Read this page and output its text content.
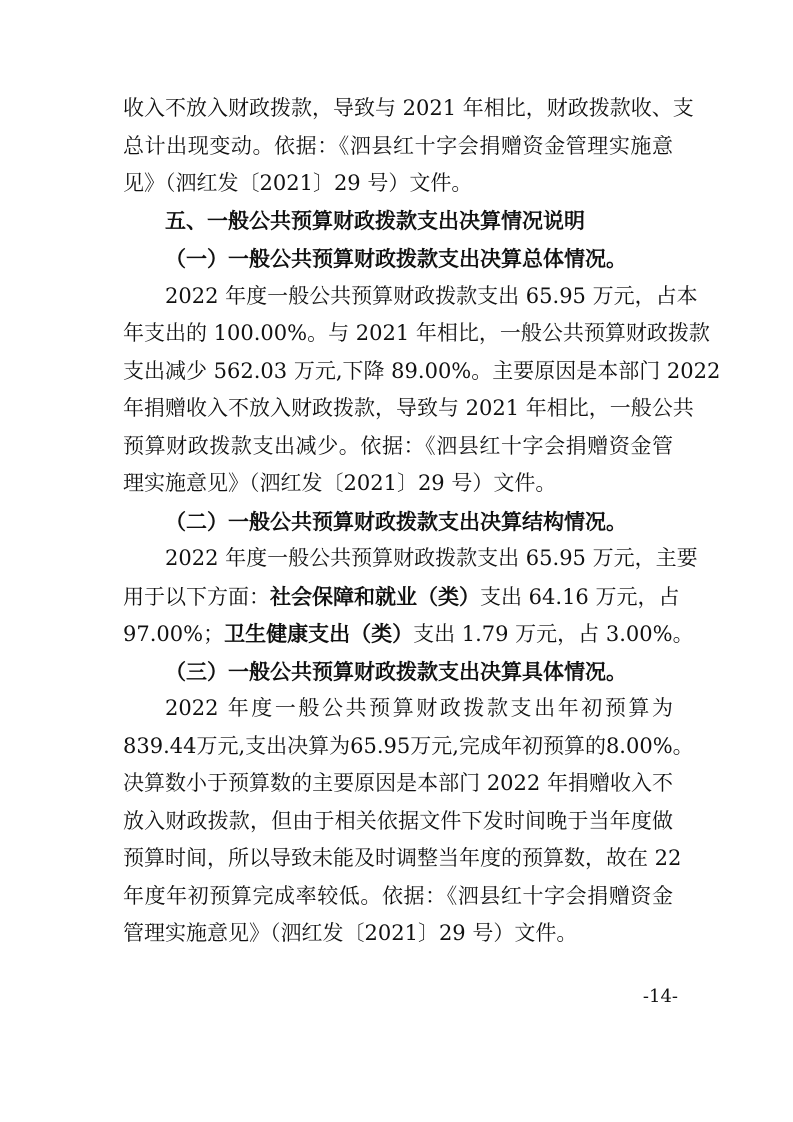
收入不放入财政拨款，导致与 2021 年相比，财政拨款收、支
总计出现变动。依据：《泗县红十字会捐赠资金管理实施意
见》（泗红发〔2021〕29 号）文件。
五、一般公共预算财政拨款支出决算情况说明
（一）一般公共预算财政拨款支出决算总体情况。
2022 年度一般公共预算财政拨款支出 65.95 万元，占本
年支出的 100.00%。与 2021 年相比，一般公共预算财政拨款
支出减少 562.03 万元,下降 89.00%。主要原因是本部门 2022
年捐赠收入不放入财政拨款，导致与 2021 年相比，一般公共
预算财政拨款支出减少。依据：《泗县红十字会捐赠资金管
理实施意见》（泗红发〔2021〕29 号）文件。
（二）一般公共预算财政拨款支出决算结构情况。
2022 年度一般公共预算财政拨款支出 65.95 万元，主要
用于以下方面：社会保障和就业（类）支出 64.16 万元，占
97.00%；卫生健康支出（类）支出 1.79 万元，占 3.00%。
（三）一般公共预算财政拨款支出决算具体情况。
2022 年度一般公共预算财政拨款支出年初预算为
839.44万元,支出决算为65.95万元,完成年初预算的8.00%。
决算数小于预算数的主要原因是本部门 2022 年捐赠收入不
放入财政拨款，但由于相关依据文件下发时间晚于当年度做
预算时间，所以导致未能及时调整当年度的预算数，故在 22
年度年初预算完成率较低。依据：《泗县红十字会捐赠资金
管理实施意见》（泗红发〔2021〕29 号）文件。
-14-
